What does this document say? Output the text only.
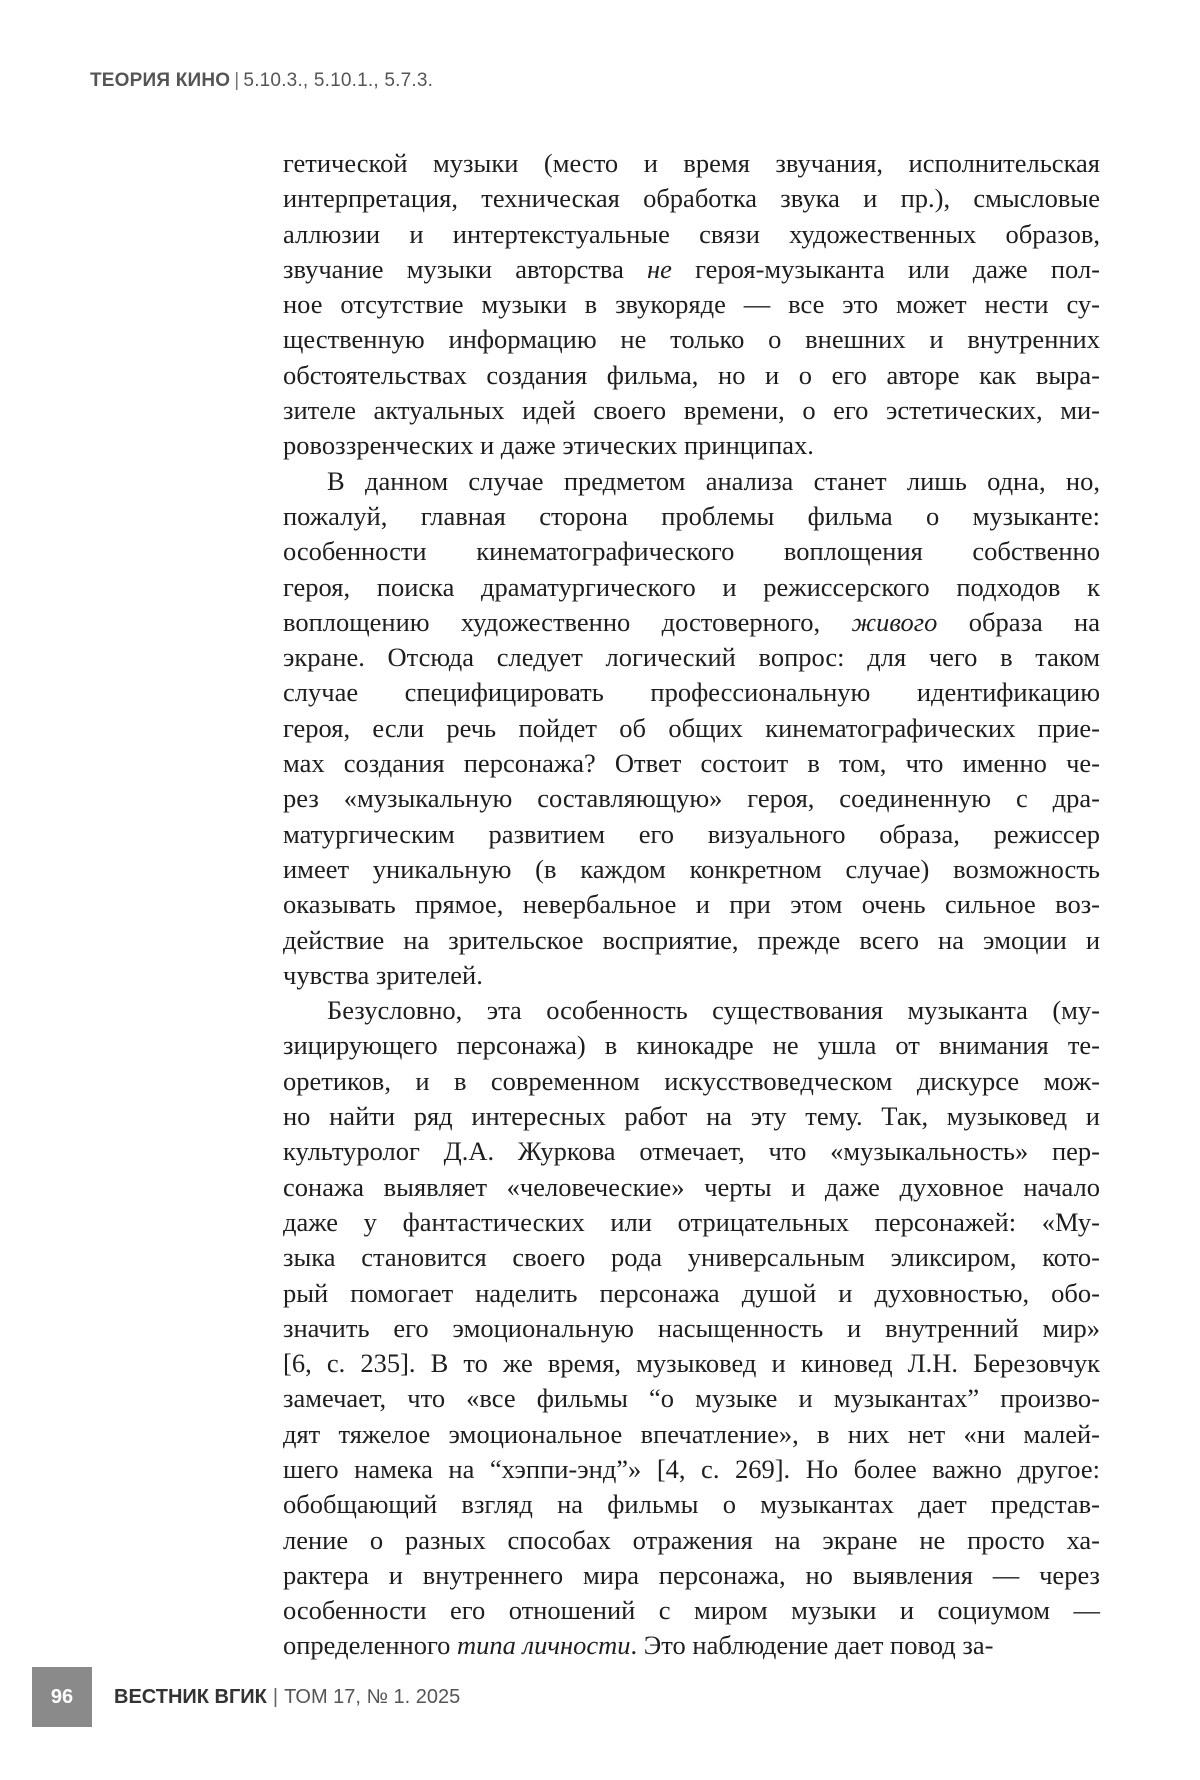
ТЕОРИЯ КИНО | 5.10.3., 5.10.1., 5.7.3.
гетической музыки (место и время звучания, исполнительская
интерпретация, техническая обработка звука и пр.), смысловые
аллюзии и интертекстуальные связи художественных образов,
звучание музыки авторства не героя-музыканта или даже пол-
ное отсутствие музыки в звукоряде — все это может нести су-
щественную информацию не только о внешних и внутренних
обстоятельствах создания фильма, но и о его авторе как выра-
зителе актуальных идей своего времени, о его эстетических, ми-
ровоззренческих и даже этических принципах.
В данном случае предметом анализа станет лишь одна, но,
пожалуй, главная сторона проблемы фильма о музыканте:
особенности кинематографического воплощения собственно
героя, поиска драматургического и режиссерского подходов к
воплощению художественно достоверного, живого образа на
экране. Отсюда следует логический вопрос: для чего в таком
случае специфицировать профессиональную идентификацию
героя, если речь пойдет об общих кинематографических прие-
мах создания персонажа? Ответ состоит в том, что именно че-
рез «музыкальную составляющую» героя, соединенную с дра-
матургическим развитием его визуального образа, режиссер
имеет уникальную (в каждом конкретном случае) возможность
оказывать прямое, невербальное и при этом очень сильное воз-
действие на зрительское восприятие, прежде всего на эмоции и
чувства зрителей.
Безусловно, эта особенность существования музыканта (му-
зицирующего персонажа) в кинокадре не ушла от внимания те-
оретиков, и в современном искусствоведческом дискурсе мож-
но найти ряд интересных работ на эту тему. Так, музыковед и
культуролог Д.А. Журкова отмечает, что «музыкальность» пер-
сонажа выявляет «человеческие» черты и даже духовное начало
даже у фантастических или отрицательных персонажей: «Му-
зыка становится своего рода универсальным эликсиром, кото-
рый помогает наделить персонажа душой и духовностью, обо-
значить его эмоциональную насыщенность и внутренний мир»
[6, с. 235]. В то же время, музыковед и киновед Л.Н. Березовчук
замечает, что «все фильмы “о музыке и музыкантах” произво-
дят тяжелое эмоциональное впечатление», в них нет «ни малей-
шего намека на “хэппи-энд”» [4, с. 269]. Но более важно другое:
обобщающий взгляд на фильмы о музыкантах дает представ-
ление о разных способах отражения на экране не просто ха-
рактера и внутреннего мира персонажа, но выявления — через
особенности его отношений с миром музыки и социумом —
определенного типа личности. Это наблюдение дает повод за-
96	ВЕСТНИК ВГИК | ТОМ 17, № 1. 2025
